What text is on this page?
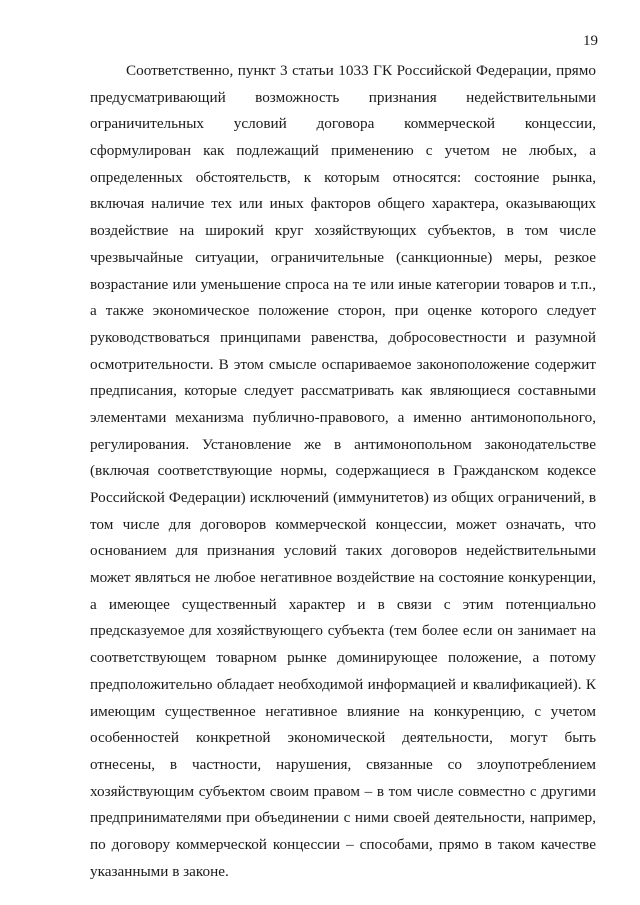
19
Соответственно, пункт 3 статьи 1033 ГК Российской Федерации, прямо
предусматривающий возможность признания недействительными
ограничительных условий договора коммерческой концессии,
сформулирован как подлежащий применению с учетом не любых, а
определенных обстоятельств, к которым относятся: состояние рынка,
включая наличие тех или иных факторов общего характера, оказывающих
воздействие на широкий круг хозяйствующих субъектов, в том числе
чрезвычайные ситуации, ограничительные (санкционные) меры, резкое
возрастание или уменьшение спроса на те или иные категории товаров и т.п.,
а также экономическое положение сторон, при оценке которого следует
руководствоваться принципами равенства, добросовестности и разумной
осмотрительности. В этом смысле оспариваемое законоположение содержит
предписания, которые следует рассматривать как являющиеся составными
элементами механизма публично-правового, а именно антимонопольного,
регулирования. Установление же в антимонопольном законодательстве
(включая соответствующие нормы, содержащиеся в Гражданском кодексе
Российской Федерации) исключений (иммунитетов) из общих ограничений, в
том числе для договоров коммерческой концессии, может означать, что
основанием для признания условий таких договоров недействительными
может являться не любое негативное воздействие на состояние конкуренции,
а имеющее существенный характер и в связи с этим потенциально
предсказуемое для хозяйствующего субъекта (тем более если он занимает на
соответствующем товарном рынке доминирующее положение, а потому
предположительно обладает необходимой информацией и квалификацией). К
имеющим существенное негативное влияние на конкуренцию, с учетом
особенностей конкретной экономической деятельности, могут быть
отнесены, в частности, нарушения, связанные со злоупотреблением
хозяйствующим субъектом своим правом – в том числе совместно с другими
предпринимателями при объединении с ними своей деятельности, например,
по договору коммерческой концессии – способами, прямо в таком качестве
указанными в законе.
